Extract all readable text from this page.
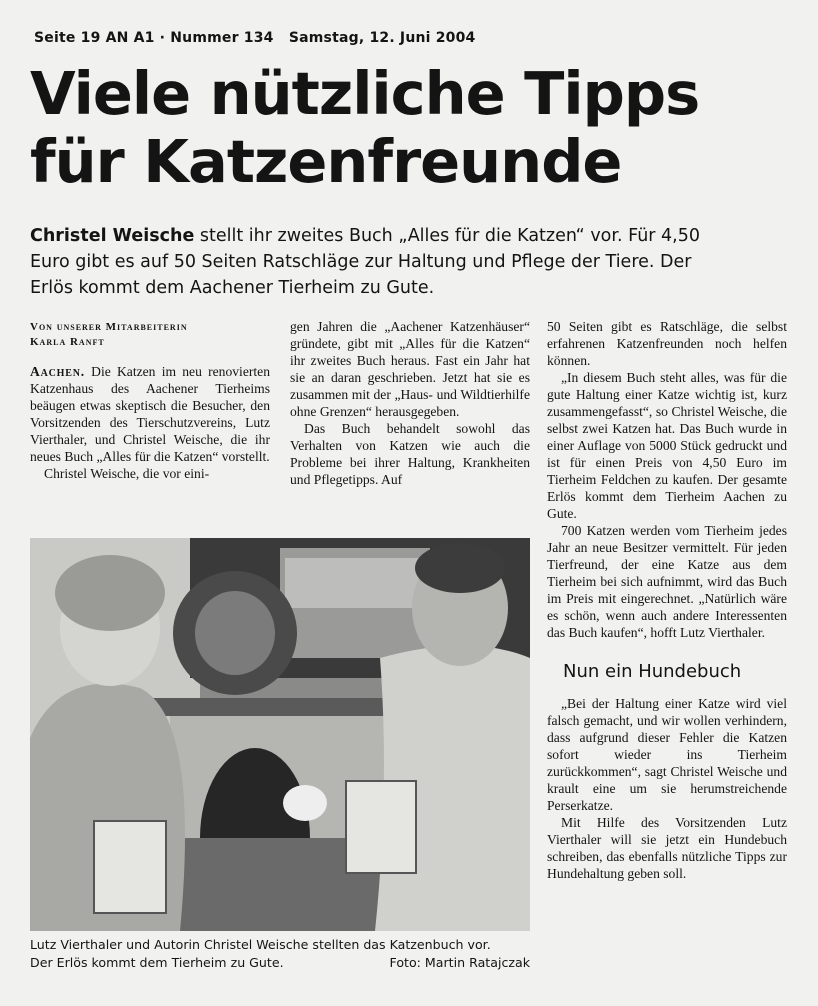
Seite 19 AN A1 · Nummer 134   Samstag, 12. Juni 2004
Viele nützliche Tipps
für Katzenfreunde
Christel Weische stellt ihr zweites Buch „Alles für die Katzen“ vor. Für 4,50 Euro gibt es auf 50 Seiten Ratschläge zur Haltung und Pflege der Tiere. Der Erlös kommt dem Aachener Tierheim zu Gute.
Von unserer Mitarbeiterin
Karla Ranft

Aachen. Die Katzen im neu renovierten Katzenhaus des Aachener Tierheims beäugen etwas skeptisch die Besucher, den Vorsitzenden des Tierschutzvereins, Lutz Vierthaler, und Christel Weische, die ihr neues Buch „Alles für die Katzen“ vorstellt.

Christel Weische, die vor eini-

gen Jahren die „Aachener Katzenhäuser“ gründete, gibt mit „Alles für die Katzen“ ihr zweites Buch heraus. Fast ein Jahr hat sie an daran geschrieben. Jetzt hat sie es zusammen mit der „Haus- und Wildtierhilfe ohne Grenzen“ herausgegeben.

Das Buch behandelt sowohl das Verhalten von Katzen wie auch die Probleme bei ihrer Haltung, Krankheiten und Pflegetipps. Auf

50 Seiten gibt es Ratschläge, die selbst erfahrenen Katzenfreunden noch helfen können.

„In diesem Buch steht alles, was für die gute Haltung einer Katze wichtig ist, kurz zusammengefasst“, so Christel Weische, die selbst zwei Katzen hat. Das Buch wurde in einer Auflage von 5000 Stück gedruckt und ist für einen Preis von 4,50 Euro im Tierheim Feldchen zu kaufen. Der gesamte Erlös kommt dem Tierheim Aachen zu Gute.

700 Katzen werden vom Tierheim jedes Jahr an neue Besitzer vermittelt. Für jeden Tierfreund, der eine Katze aus dem Tierheim bei sich aufnimmt, wird das Buch im Preis mit eingerechnet. „Natürlich wäre es schön, wenn auch andere Interessenten das Buch kaufen“, hofft Lutz Vierthaler.

Nun ein Hundebuch

„Bei der Haltung einer Katze wird viel falsch gemacht, und wir wollen verhindern, dass aufgrund dieser Fehler die Katzen sofort wieder ins Tierheim zurückkommen“, sagt Christel Weische und krault eine um sie herumstreichende Perserkatze.

Mit Hilfe des Vorsitzenden Lutz Vierthaler will sie jetzt ein Hundebuch schreiben, das ebenfalls nützliche Tipps zur Hundehaltung geben soll.

Lutz Vierthaler und Autorin Christel Weische stellten das Katzenbuch vor.
Der Erlös kommt dem Tierheim zu Gute.	Foto: Martin Ratajczak
